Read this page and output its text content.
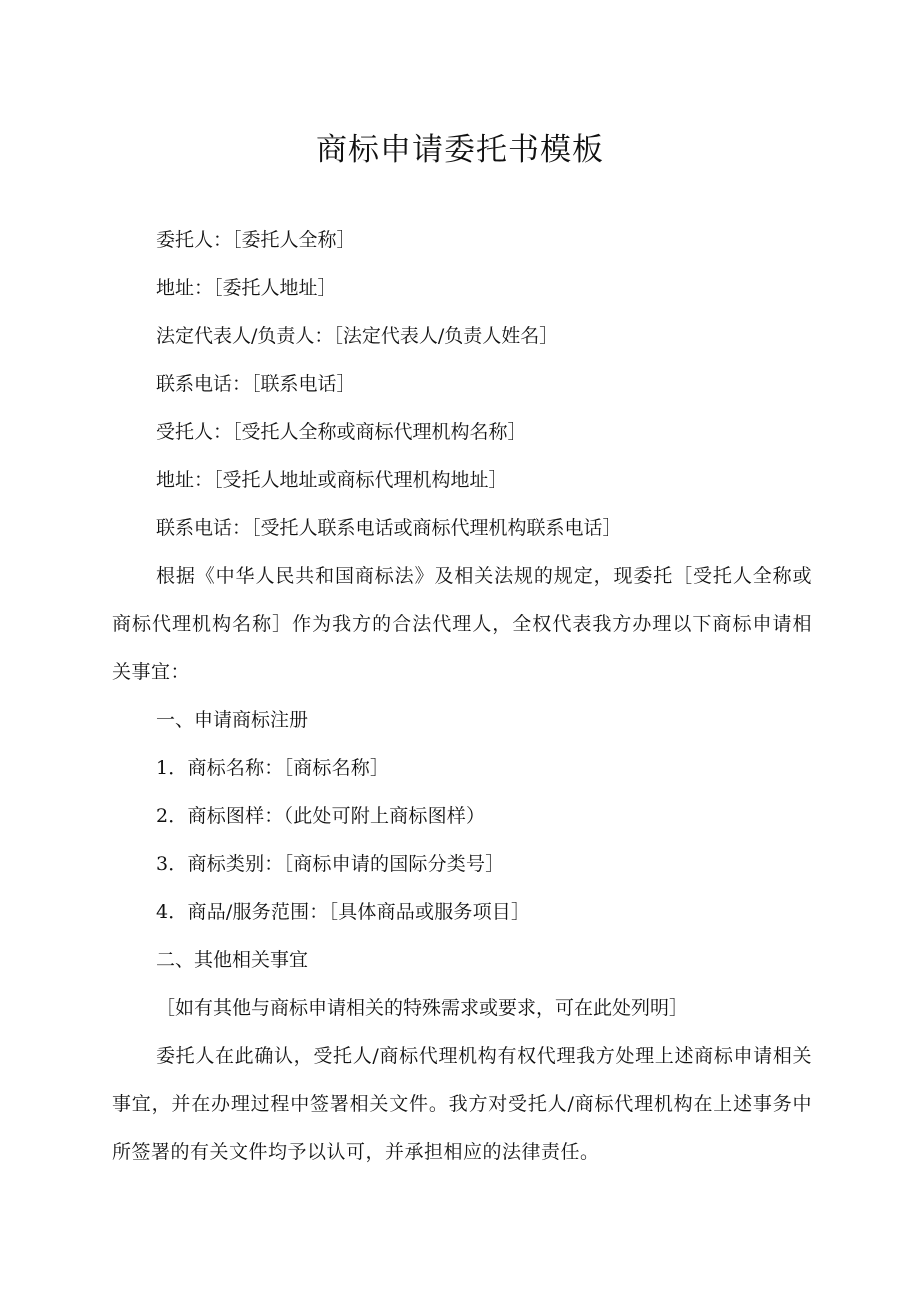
商标申请委托书模板

委托人：［委托人全称］

地址：［委托人地址］

法定代表人/负责人：［法定代表人/负责人姓名］

联系电话：［联系电话］

受托人：［受托人全称或商标代理机构名称］

地址：［受托人地址或商标代理机构地址］

联系电话：［受托人联系电话或商标代理机构联系电话］

根据《中华人民共和国商标法》及相关法规的规定，现委托［受托人全称或商标代理机构名称］作为我方的合法代理人，全权代表我方办理以下商标申请相关事宜：

一、申请商标注册

1．商标名称：［商标名称］

2．商标图样：（此处可附上商标图样）

3．商标类别：［商标申请的国际分类号］

4．商品/服务范围：［具体商品或服务项目］

二、其他相关事宜

［如有其他与商标申请相关的特殊需求或要求，可在此处列明］

委托人在此确认，受托人/商标代理机构有权代理我方处理上述商标申请相关事宜，并在办理过程中签署相关文件。我方对受托人/商标代理机构在上述事务中所签署的有关文件均予以认可，并承担相应的法律责任。
